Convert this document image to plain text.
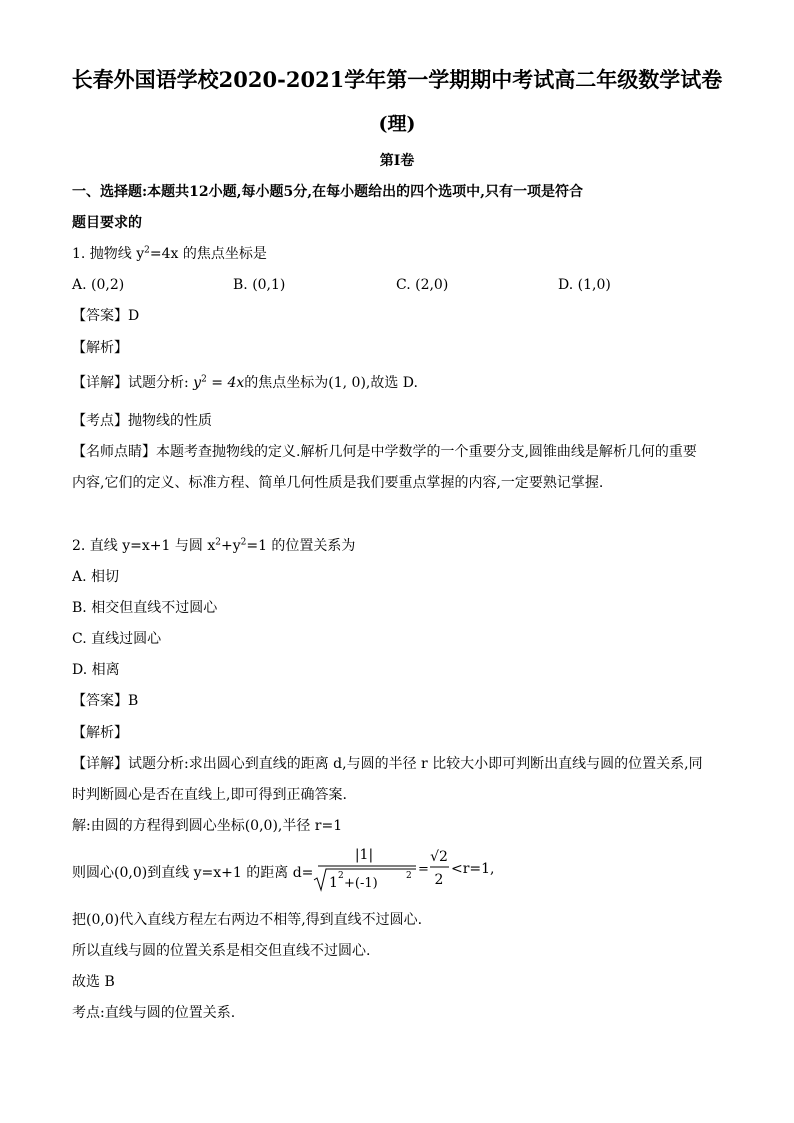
长春外国语学校2020-2021学年第一学期期中考试高二年级数学试卷
(理)
第Ⅰ卷
一、选择题:本题共12小题,每小题5分,在每小题给出的四个选项中,只有一项是符合
题目要求的
1. 抛物线 $y^2=4x$ 的焦点坐标是
A. (0,2)	B. (0,1)	C. (2,0)	D. (1,0)
【答案】D
【解析】
【详解】试题分析: $y^2 = 4x$的焦点坐标为(1, 0),故选 D.
【考点】抛物线的性质
【名师点睛】本题考查抛物线的定义.解析几何是中学数学的一个重要分支,圆锥曲线是解析几何的重要
内容,它们的定义、标准方程、简单几何性质是我们要重点掌握的内容,一定要熟记掌握.
2. 直线 y=x+1 与圆 $x^2+y^2=1$ 的位置关系为
A. 相切
B. 相交但直线不过圆心
C. 直线过圆心
D. 相离
【答案】B
【解析】
【详解】试题分析:求出圆心到直线的距离 d,与圆的半径 r 比较大小即可判断出直线与圆的位置关系,同
时判断圆心是否在直线上,即可得到正确答案.
解:由圆的方程得到圆心坐标(0,0),半径 r=1
则圆心(0,0)到直线 y=x+1 的距离 d=
|1|
1 2 +(-1)	2 =
√2
2
<r=1,
把(0,0)代入直线方程左右两边不相等,得到直线不过圆心.
所以直线与圆的位置关系是相交但直线不过圆心.
故选 B
考点:直线与圆的位置关系.
